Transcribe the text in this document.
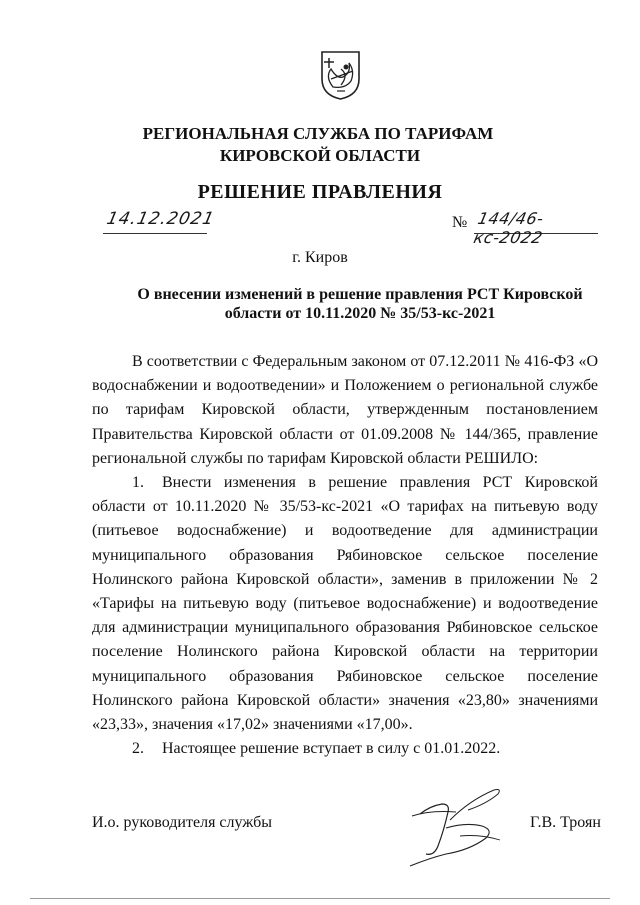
РЕГИОНАЛЬНАЯ СЛУЖБА ПО ТАРИФАМ
КИРОВСКОЙ ОБЛАСТИ
РЕШЕНИЕ ПРАВЛЕНИЯ
14.12.2021	№ 144/46-кс-2022
г. Киров
О внесении изменений в решение правления РСТ Кировской
области от 10.11.2020 № 35/53-кс-2021

В соответствии с Федеральным законом от 07.12.2011 № 416-ФЗ «О водоснабжении и водоотведении» и Положением о региональной службе по тарифам Кировской области, утвержденным постановлением Правительства Кировской области от 01.09.2008 № 144/365, правление региональной службы по тарифам Кировской области РЕШИЛО:

1. Внести изменения в решение правления РСТ Кировской области от 10.11.2020 № 35/53-кс-2021 «О тарифах на питьевую воду (питьевое водоснабжение) и водоотведение для администрации муниципального образования Рябиновское сельское поселение Нолинского района Кировской области», заменив в приложении № 2 «Тарифы на питьевую воду (питьевое водоснабжение) и водоотведение для администрации муниципального образования Рябиновское сельское поселение Нолинского района Кировской области на территории муниципального образования Рябиновское сельское поселение Нолинского района Кировской области» значения «23,80» значениями «23,33», значения «17,02» значениями «17,00».

2. Настоящее решение вступает в силу с 01.01.2022.

И.о. руководителя службы	Г.В. Троян
